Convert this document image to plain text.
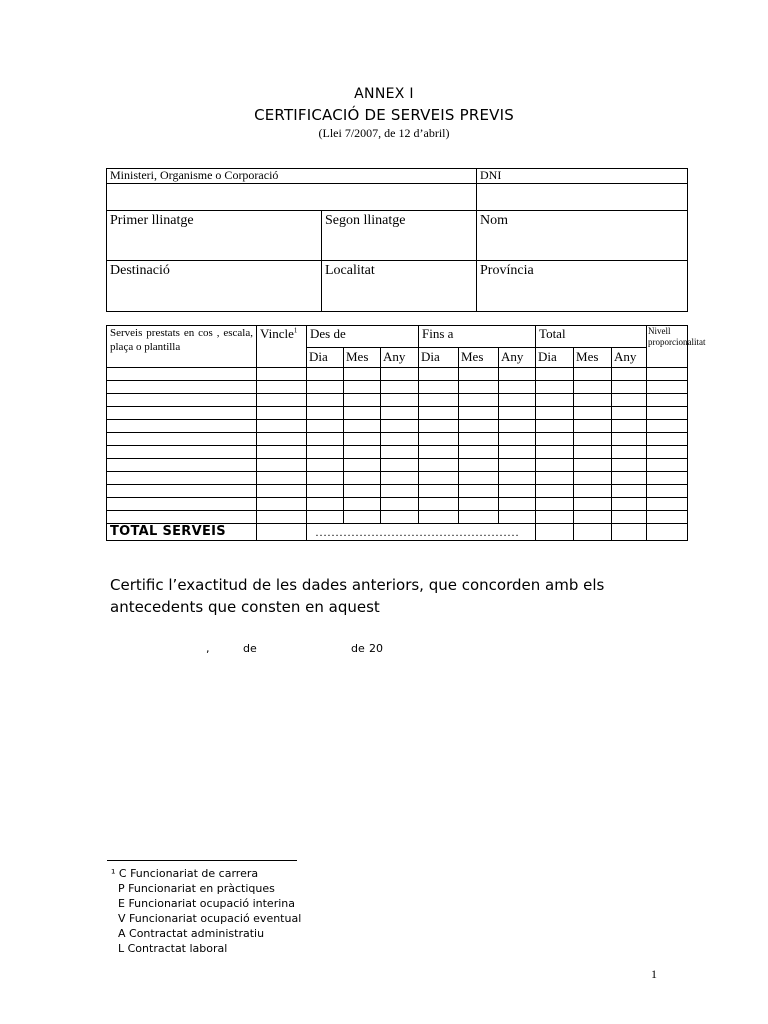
ANNEX I
CERTIFICACIÓ DE SERVEIS PREVIS
(Llei 7/2007, de 12 d’abril)
Ministeri, Organisme o Corporació		DNI

Primer llinatge	Segon llinatge	Nom
Destinació	Localitat	Província
Serveis prestats en cos , escala, plaça o plantilla	Vincle$^1$	Des de			Fins a			Total			Nivell proporcionalitat
		Dia	Mes	Any	Dia	Mes	Any	Dia	Mes	Any	

TOTAL SERVEIS		……………………………………………									
Certific l’exactitud de les dades anteriors, que concorden amb els antecedents que consten en aquest
,	de	de 20
¹ C Funcionariat de carrera
P Funcionariat en pràctiques
E Funcionariat ocupació interina
V Funcionariat ocupació eventual
A Contractat administratiu
L Contractat laboral
1
